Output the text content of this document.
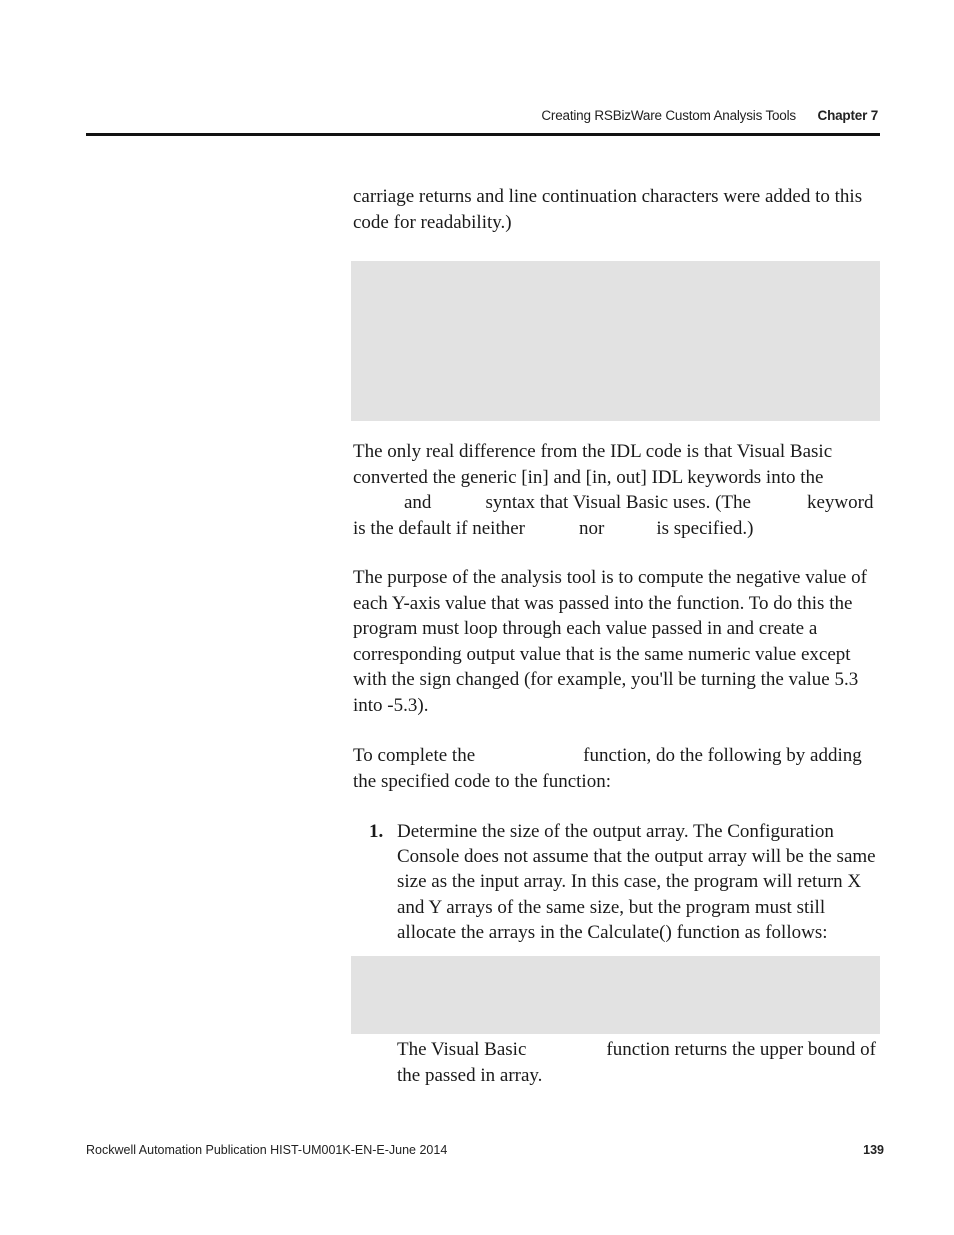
Creating RSBizWare Custom Analysis Tools Chapter 7

carriage returns and line continuation characters were added to this code for readability.)

The only real difference from the IDL code is that Visual Basic
converted the generic [in] and [in, out] IDL keywords into the
and	syntax that Visual Basic uses. (The	keyword
is the default if neither	nor	is specified.)

The purpose of the analysis tool is to compute the negative value of each Y-axis value that was passed into the function. To do this the program must loop through each value passed in and create a corresponding output value that is the same numeric value except with the sign changed (for example, you'll be turning the value 5.3 into -5.3).

To complete the	function, do the following by adding the specified code to the function:

1. Determine the size of the output array. The Configuration Console does not assume that the output array will be the same size as the input array. In this case, the program will return X and Y arrays of the same size, but the program must still allocate the arrays in the Calculate() function as follows:

The Visual Basic	function returns the upper bound of the passed in array.

Rockwell Automation Publication HIST-UM001K-EN-E-June 2014	139
